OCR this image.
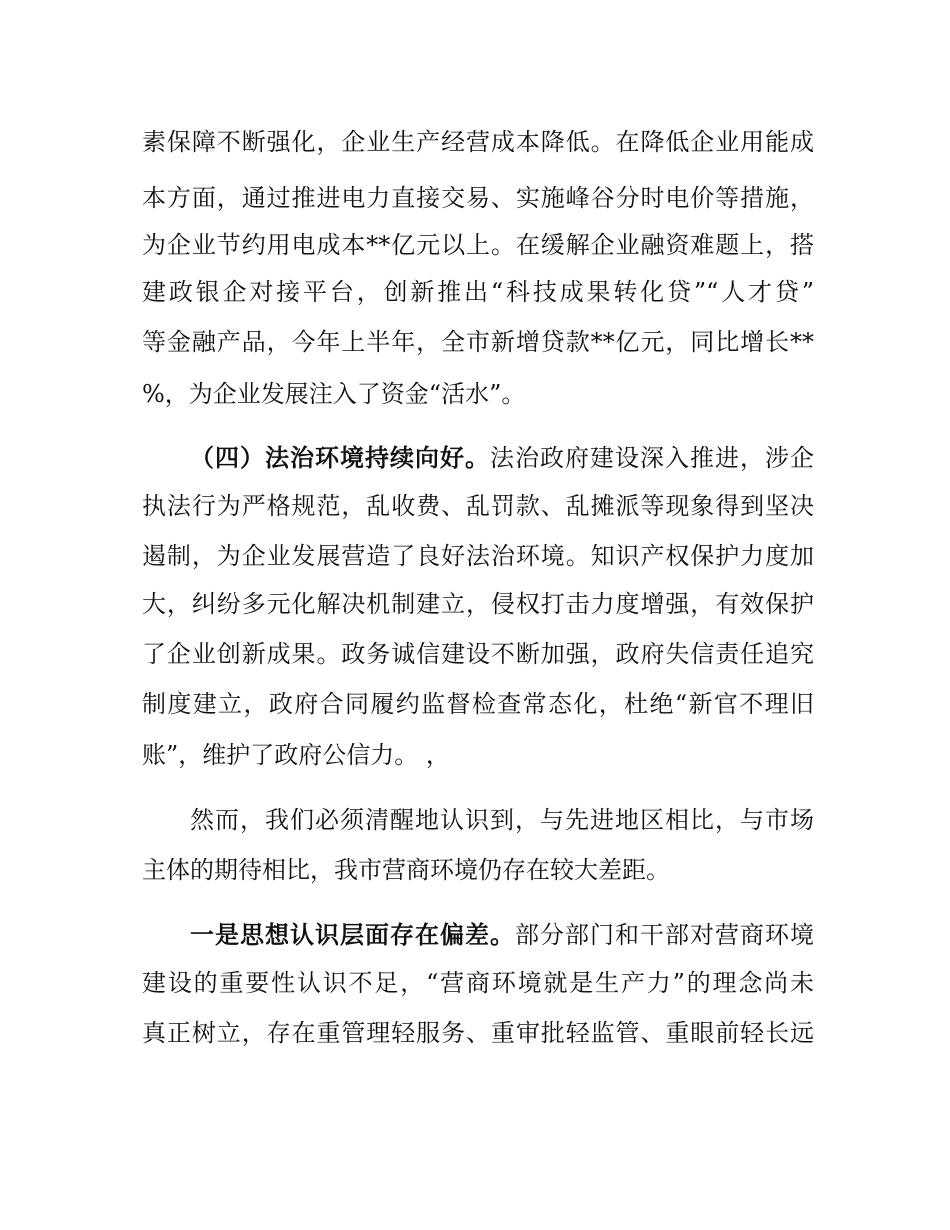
素保障不断强化，企业生产经营成本降低。在降低企业用能成
本方面，通过推进电力直接交易、实施峰谷分时电价等措施，
为企业节约用电成本**亿元以上。在缓解企业融资难题上，搭
建政银企对接平台，创新推出“科技成果转化贷”“人才贷”
等金融产品，今年上半年，全市新增贷款**亿元，同比增长**
%，为企业发展注入了资金“活水”。
（四）法治环境持续向好。法治政府建设深入推进，涉企
执法行为严格规范，乱收费、乱罚款、乱摊派等现象得到坚决
遏制，为企业发展营造了良好法治环境。知识产权保护力度加
大，纠纷多元化解决机制建立，侵权打击力度增强，有效保护
了企业创新成果。政务诚信建设不断加强，政府失信责任追究
制度建立，政府合同履约监督检查常态化，杜绝“新官不理旧
账”，维护了政府公信力。 ，
然而，我们必须清醒地认识到，与先进地区相比，与市场
主体的期待相比，我市营商环境仍存在较大差距。
一是思想认识层面存在偏差。部分部门和干部对营商环境
建设的重要性认识不足，“营商环境就是生产力”的理念尚未
真正树立，存在重管理轻服务、重审批轻监管、重眼前轻长远
